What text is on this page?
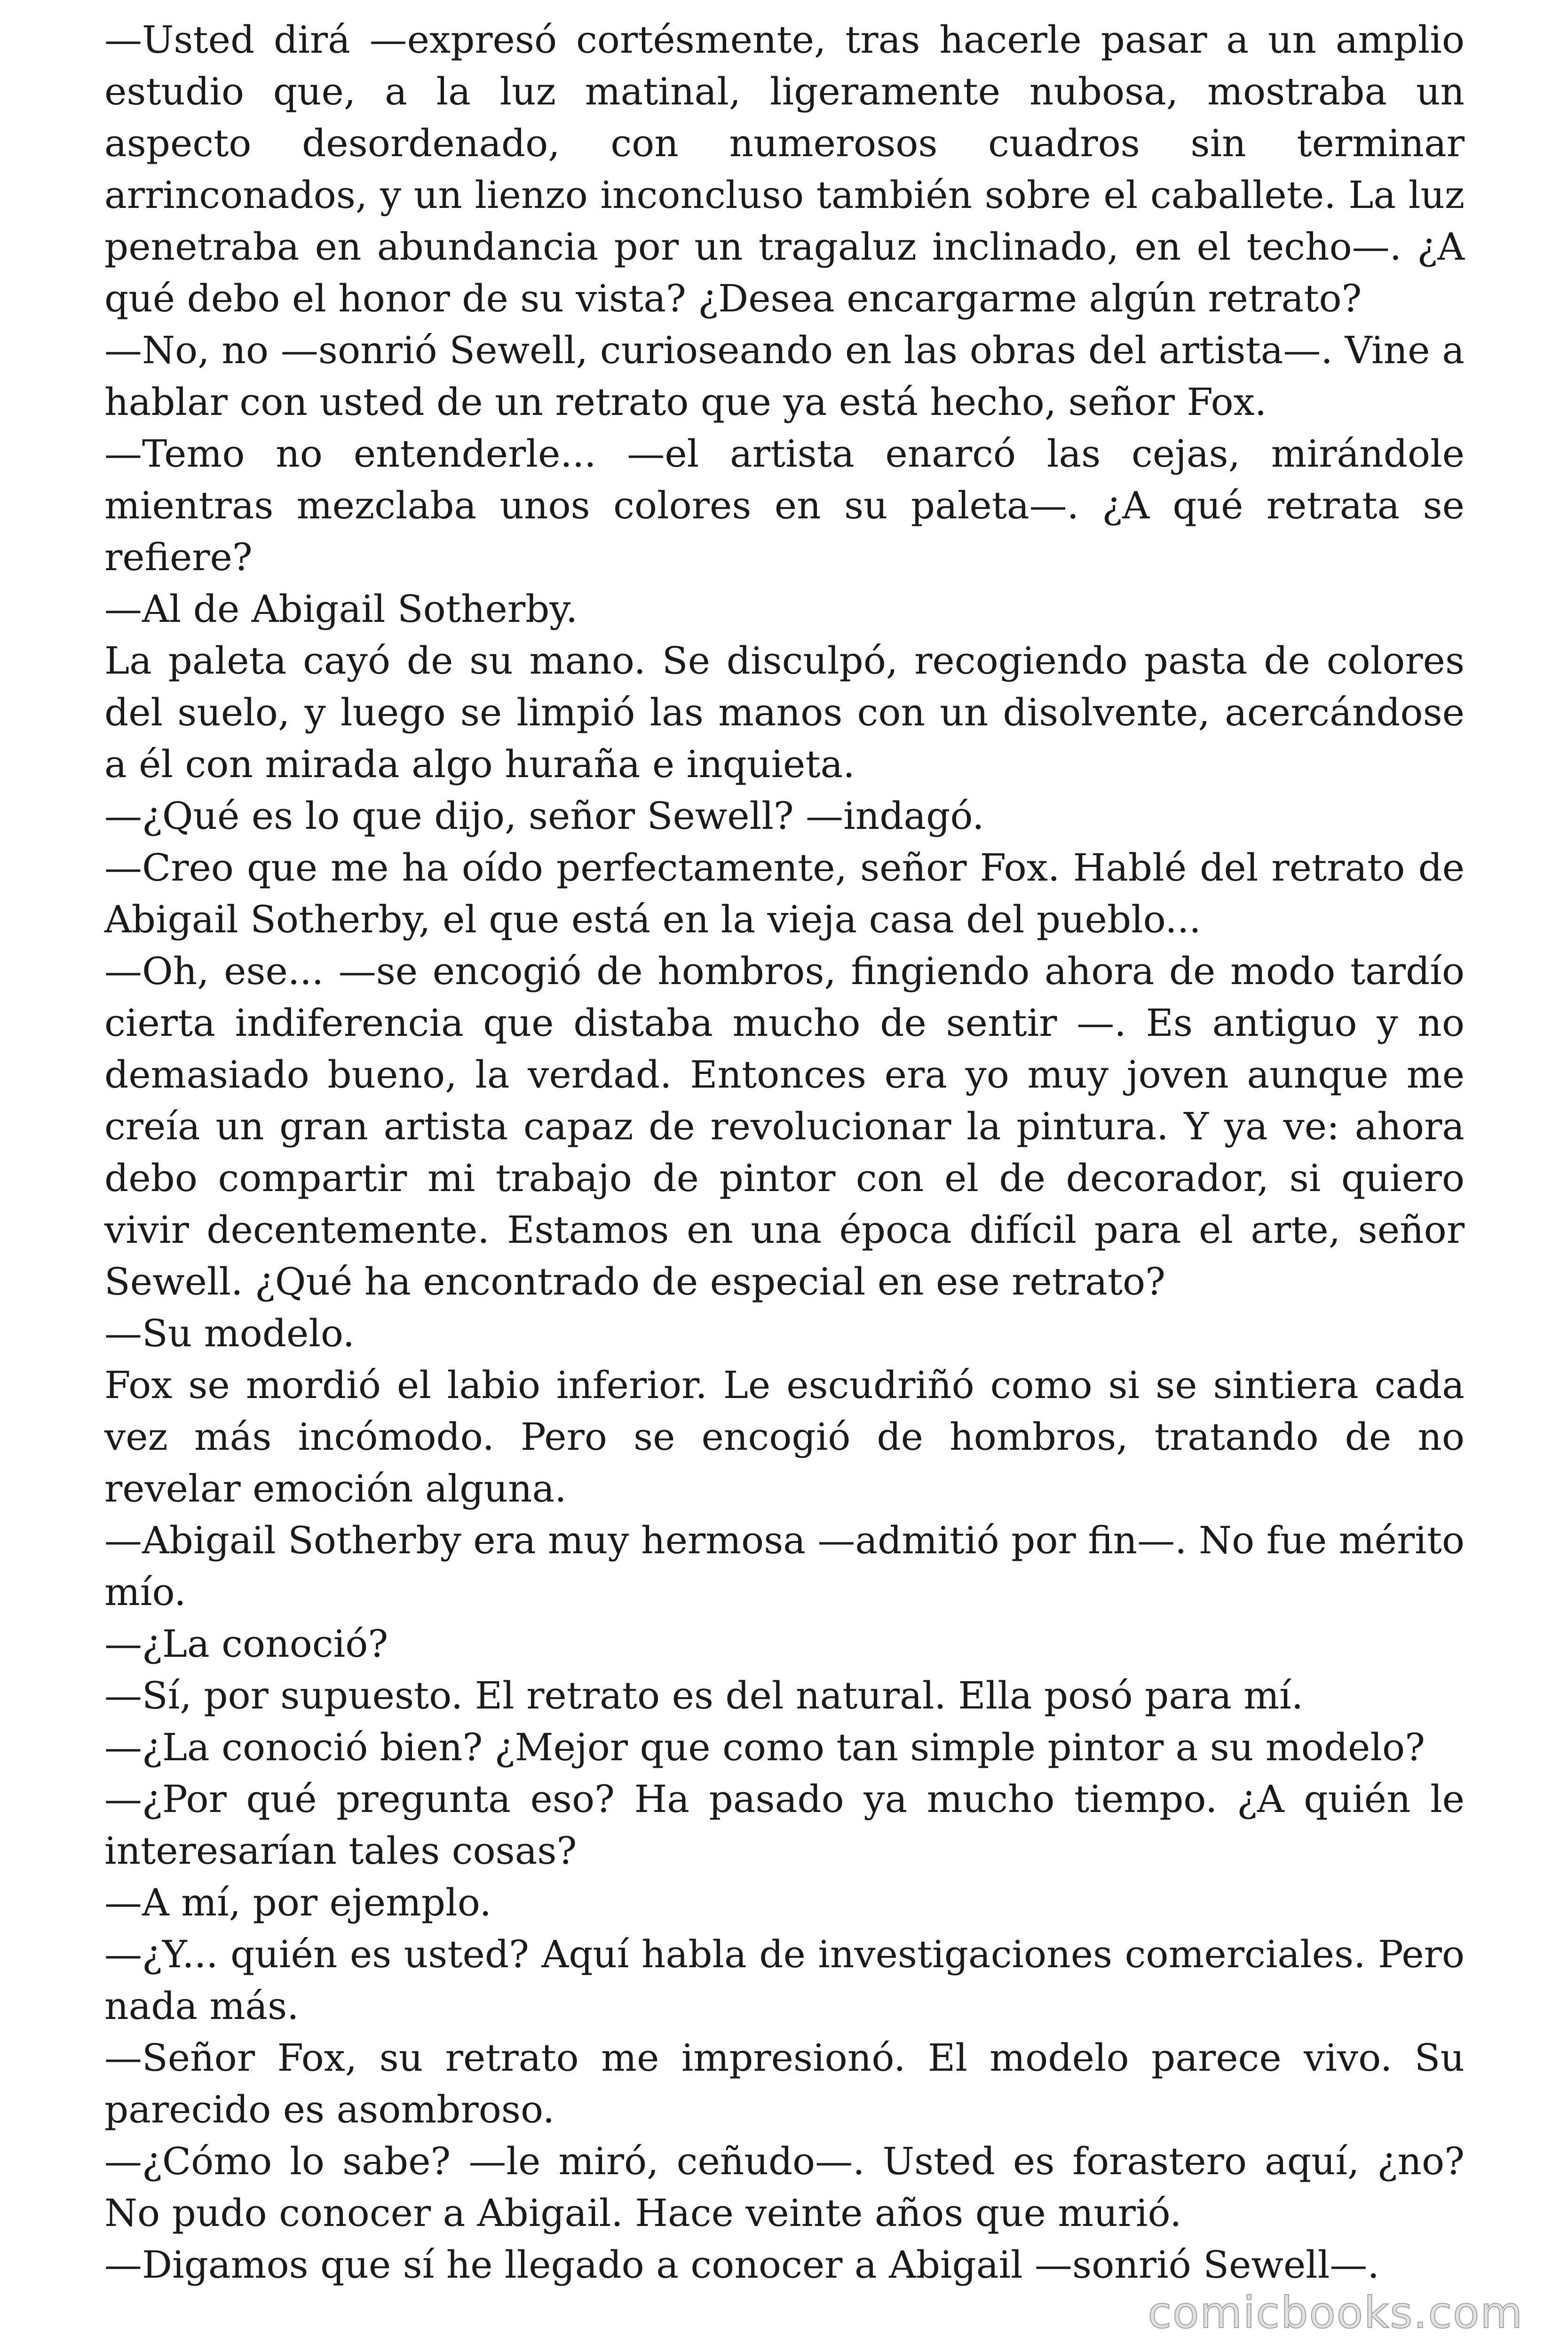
—Usted dirá —expresó cortésmente, tras hacerle pasar a un amplio estudio que, a la luz matinal, ligeramente nubosa, mostraba un aspecto desordenado, con numerosos cuadros sin terminar arrinconados, y un lienzo inconcluso también sobre el caballete. La luz penetraba en abundancia por un tragaluz inclinado, en el techo—. ¿A qué debo el honor de su vista? ¿Desea encargarme algún retrato?

—No, no —sonrió Sewell, curioseando en las obras del artista—. Vine a hablar con usted de un retrato que ya está hecho, señor Fox.

—Temo no entenderle... —el artista enarcó las cejas, mirándole mientras mezclaba unos colores en su paleta—. ¿A qué retrata se refiere?

—Al de Abigail Sotherby.

La paleta cayó de su mano. Se disculpó, recogiendo pasta de colores del suelo, y luego se limpió las manos con un disolvente, acercándose a él con mirada algo huraña e inquieta.

—¿Qué es lo que dijo, señor Sewell? —indagó.

—Creo que me ha oído perfectamente, señor Fox. Hablé del retrato de Abigail Sotherby, el que está en la vieja casa del pueblo...

—Oh, ese... —se encogió de hombros, fingiendo ahora de modo tardío cierta indiferencia que distaba mucho de sentir —. Es antiguo y no demasiado bueno, la verdad. Entonces era yo muy joven aunque me creía un gran artista capaz de revolucionar la pintura. Y ya ve: ahora debo compartir mi trabajo de pintor con el de decorador, si quiero vivir decentemente. Estamos en una época difícil para el arte, señor Sewell. ¿Qué ha encontrado de especial en ese retrato?

—Su modelo.

Fox se mordió el labio inferior. Le escudriñó como si se sintiera cada vez más incómodo. Pero se encogió de hombros, tratando de no revelar emoción alguna.

—Abigail Sotherby era muy hermosa —admitió por fin—. No fue mérito mío.

—¿La conoció?

—Sí, por supuesto. El retrato es del natural. Ella posó para mí.

—¿La conoció bien? ¿Mejor que como tan simple pintor a su modelo?

—¿Por qué pregunta eso? Ha pasado ya mucho tiempo. ¿A quién le interesarían tales cosas?

—A mí, por ejemplo.

—¿Y... quién es usted? Aquí habla de investigaciones comerciales. Pero nada más.

—Señor Fox, su retrato me impresionó. El modelo parece vivo. Su parecido es asombroso.

—¿Cómo lo sabe? —le miró, ceñudo—. Usted es forastero aquí, ¿no? No pudo conocer a Abigail. Hace veinte años que murió.

—Digamos que sí he llegado a conocer a Abigail —sonrió Sewell—.

comicbooks.com
